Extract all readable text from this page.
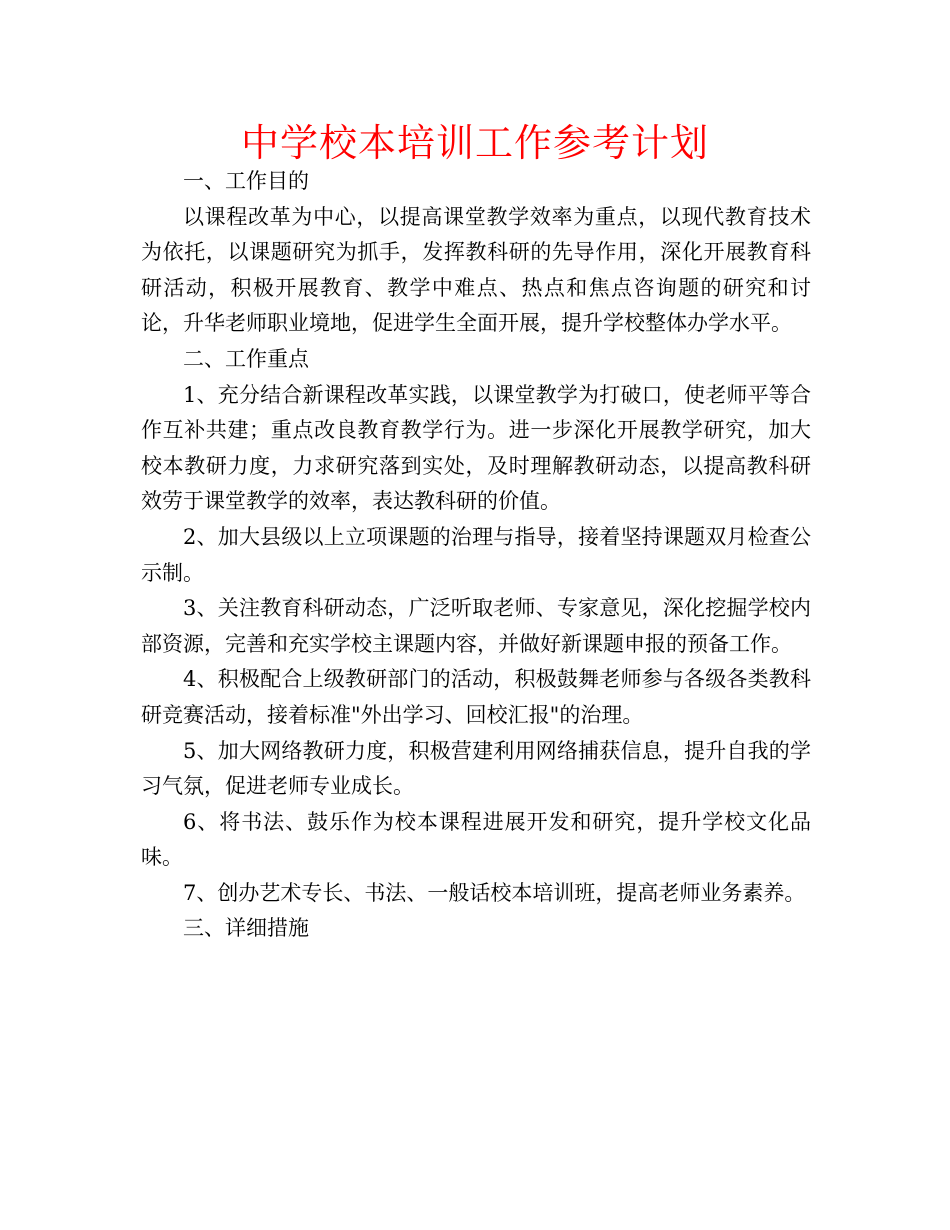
中学校本培训工作参考计划

一、工作目的

以课程改革为中心，以提高课堂教学效率为重点，以现代教育技术为依托，以课题研究为抓手，发挥教科研的先导作用，深化开展教育科研活动，积极开展教育、教学中难点、热点和焦点咨询题的研究和讨论，升华老师职业境地，促进学生全面开展，提升学校整体办学水平。

二、工作重点

1、充分结合新课程改革实践，以课堂教学为打破口，使老师平等合作互补共建；重点改良教育教学行为。进一步深化开展教学研究，加大校本教研力度，力求研究落到实处，及时理解教研动态，以提高教科研效劳于课堂教学的效率，表达教科研的价值。

2、加大县级以上立项课题的治理与指导，接着坚持课题双月检查公示制。

3、关注教育科研动态，广泛听取老师、专家意见，深化挖掘学校内部资源，完善和充实学校主课题内容，并做好新课题申报的预备工作。

4、积极配合上级教研部门的活动，积极鼓舞老师参与各级各类教科研竞赛活动，接着标准"外出学习、回校汇报"的治理。

5、加大网络教研力度，积极营建利用网络捕获信息，提升自我的学习气氛，促进老师专业成长。

6、将书法、鼓乐作为校本课程进展开发和研究，提升学校文化品味。

7、创办艺术专长、书法、一般话校本培训班，提高老师业务素养。

三、详细措施
